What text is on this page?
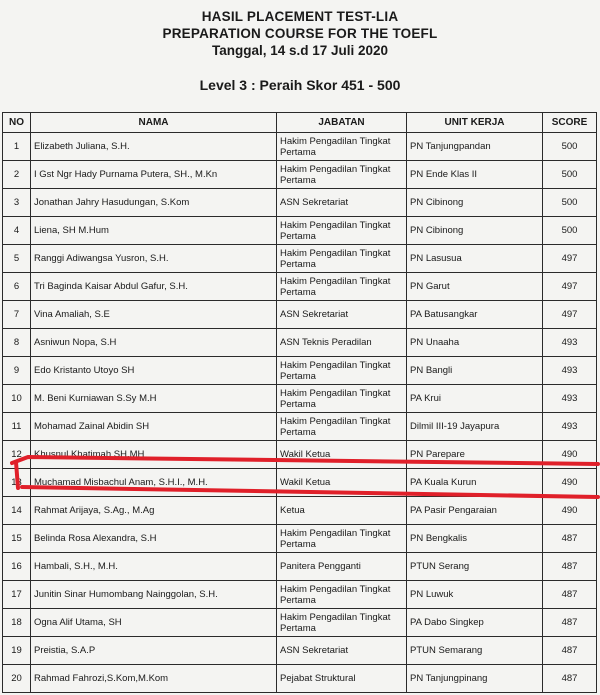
HASIL PLACEMENT TEST-LIA
PREPARATION COURSE FOR THE TOEFL
Tanggal, 14 s.d 17 Juli 2020
Level 3 : Peraih Skor 451 - 500
NO	NAMA	JABATAN	UNIT KERJA	SCORE
1	Elizabeth Juliana, S.H.	Hakim Pengadilan Tingkat Pertama	PN Tanjungpandan	500
2	I Gst Ngr Hady Purnama Putera, SH., M.Kn	Hakim Pengadilan Tingkat Pertama	PN Ende Klas II	500
3	Jonathan Jahry Hasudungan, S.Kom	ASN Sekretariat	PN Cibinong	500
4	Liena, SH M.Hum	Hakim Pengadilan Tingkat Pertama	PN Cibinong	500
5	Ranggi Adiwangsa Yusron, S.H.	Hakim Pengadilan Tingkat Pertama	PN Lasusua	497
6	Tri Baginda Kaisar Abdul Gafur, S.H.	Hakim Pengadilan Tingkat Pertama	PN Garut	497
7	Vina Amaliah, S.E	ASN Sekretariat	PA Batusangkar	497
8	Asniwun Nopa, S.H	ASN Teknis Peradilan	PN Unaaha	493
9	Edo Kristanto Utoyo SH	Hakim Pengadilan Tingkat Pertama	PN Bangli	493
10	M. Beni Kurniawan S.Sy M.H	Hakim Pengadilan Tingkat Pertama	PA Krui	493
11	Mohamad Zainal Abidin SH	Hakim Pengadilan Tingkat Pertama	Dilmil III-19 Jayapura	493
12	Khusnul Khatimah SH.MH	Wakil Ketua	PN Parepare	490
13	Muchamad Misbachul Anam, S.H.I., M.H.	Wakil Ketua	PA Kuala Kurun	490
14	Rahmat Arijaya, S.Ag., M.Ag	Ketua	PA Pasir Pengaraian	490
15	Belinda Rosa Alexandra, S.H	Hakim Pengadilan Tingkat Pertama	PN Bengkalis	487
16	Hambali, S.H., M.H.	Panitera Pengganti	PTUN Serang	487
17	Junitin Sinar Humombang Nainggolan, S.H.	Hakim Pengadilan Tingkat Pertama	PN Luwuk	487
18	Ogna Alif Utama, SH	Hakim Pengadilan Tingkat Pertama	PA Dabo Singkep	487
19	Preistia, S.A.P	ASN Sekretariat	PTUN Semarang	487
20	Rahmad Fahrozi,S.Kom,M.Kom	Pejabat Struktural	PN Tanjungpinang	487
